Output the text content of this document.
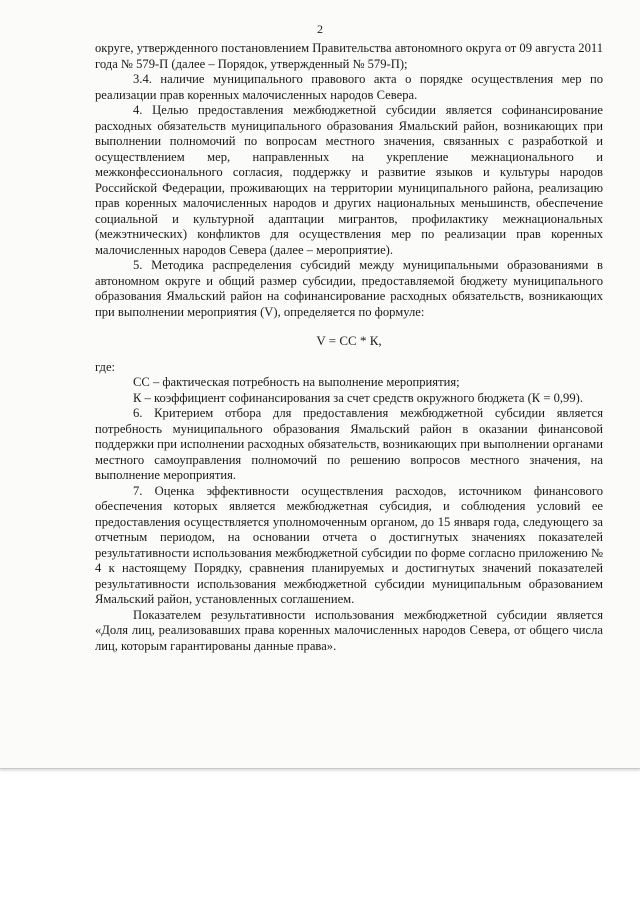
2

округе, утвержденного постановлением Правительства автономного округа от 09 августа 2011 года № 579-П (далее – Порядок, утвержденный № 579-П);

3.4. наличие муниципального правового акта о порядке осуществления мер по реализации прав коренных малочисленных народов Севера.

4. Целью предоставления межбюджетной субсидии является софинансирование расходных обязательств муниципального образования Ямальский район, возникающих при выполнении полномочий по вопросам местного значения, связанных с разработкой и осуществлением мер, направленных на укрепление межнационального и межконфессионального согласия, поддержку и развитие языков и культуры народов Российской Федерации, проживающих на территории муниципального района, реализацию прав коренных малочисленных народов и других национальных меньшинств, обеспечение социальной и культурной адаптации мигрантов, профилактику межнациональных (межэтнических) конфликтов для осуществления мер по реализации прав коренных малочисленных народов Севера (далее – мероприятие).

5. Методика распределения субсидий между муниципальными образованиями в автономном округе и общий размер субсидии, предоставляемой бюджету муниципального образования Ямальский район на софинансирование расходных обязательств, возникающих при выполнении мероприятия (V), определяется по формуле:

V = СС * К,

где:

СС – фактическая потребность на выполнение мероприятия;

К – коэффициент софинансирования за счет средств окружного бюджета (К = 0,99).

6. Критерием отбора для предоставления межбюджетной субсидии является потребность муниципального образования Ямальский район в оказании финансовой поддержки при исполнении расходных обязательств, возникающих при выполнении органами местного самоуправления полномочий по решению вопросов местного значения, на выполнение мероприятия.

7. Оценка эффективности осуществления расходов, источником финансового обеспечения которых является межбюджетная субсидия, и соблюдения условий ее предоставления осуществляется уполномоченным органом, до 15 января года, следующего за отчетным периодом, на основании отчета о достигнутых значениях показателей результативности использования межбюджетной субсидии по форме согласно приложению № 4 к настоящему Порядку, сравнения планируемых и достигнутых значений показателей результативности использования межбюджетной субсидии муниципальным образованием Ямальский район, установленных соглашением.

Показателем результативности использования межбюджетной субсидии является «Доля лиц, реализовавших права коренных малочисленных народов Севера, от общего числа лиц, которым гарантированы данные права».
